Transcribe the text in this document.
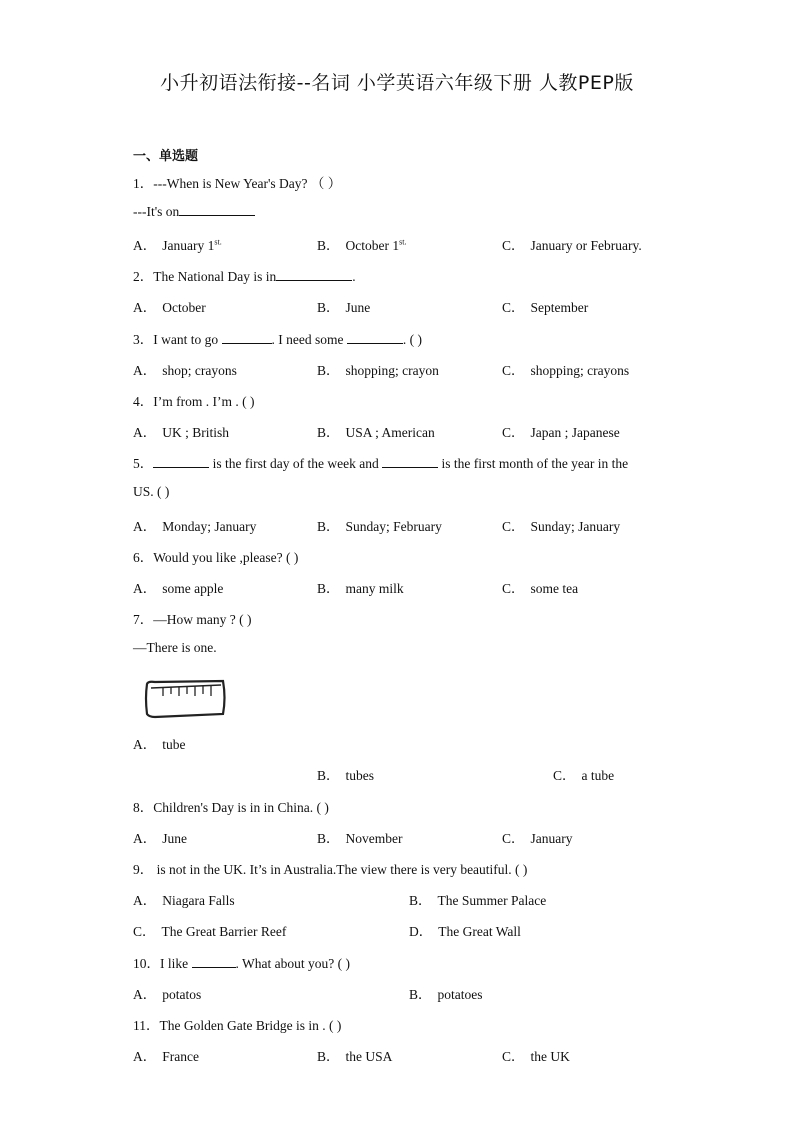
小升初语法衔接--名词 小学英语六年级下册 人教PEP版
一、单选题
1．---When is New Year's Day? （ ）
---It's on
A． January $1^{st.}$	B． October $1^{st.}$	C． January or February.
2．The National Day is in	.
A． October	B． June	C． September
3．I want to go	. I need some	. ( )
A． shop; crayons	B． shopping; crayon	C． shopping; crayons
4．I’m from . I’m . ( )
A． UK ; British	B． USA ; American	C． Japan ; Japanese
5．	is the first day of the week and	is the first month of the year in the
US. ( )
A． Monday; January	B． Sunday; February	C． Sunday; January
6．Would you like ,please? ( )
A． some apple	B． many milk	C． some tea
7．—How many ? ( )
—There is one.
A． tube
B． tubes	C． a tube
8．Children's Day is in in China. ( )
A． June	B． November	C． January
9． is not in the UK. It’s in Australia.The view there is very beautiful. ( )
A． Niagara Falls	B． The Summer Palace
C． The Great Barrier Reef	D． The Great Wall
10．I like	. What about you? ( )
A． potatos	B． potatoes
11．The Golden Gate Bridge is in . ( )
A． France	B． the USA	C． the UK
